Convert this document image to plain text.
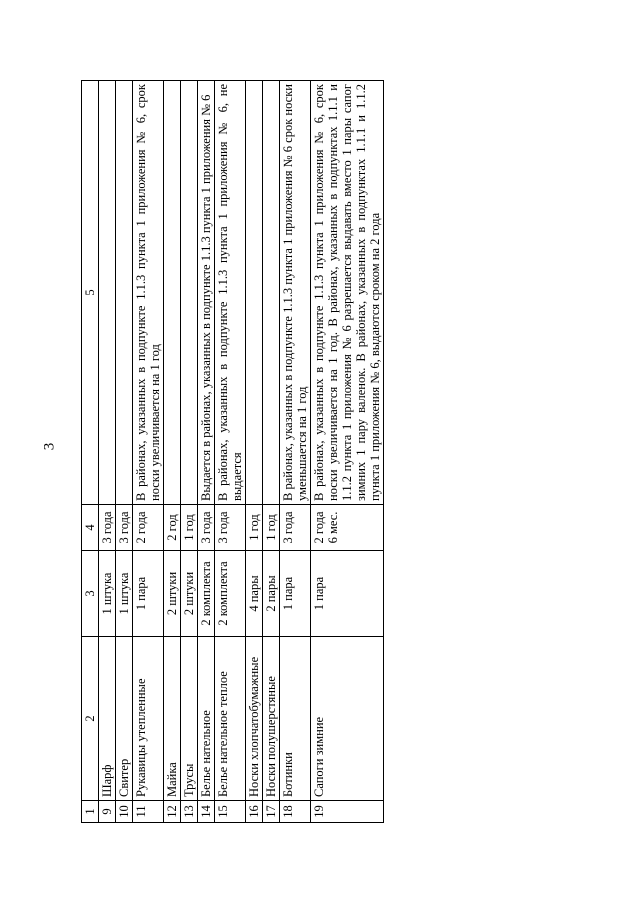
3
1	2	3	4	5
9	Шарф	1 штука	3 года	
10	Свитер	1 штука	3 года	
11	Рукавицы утепленные	1 пара	2 года	В районах, указанных в подпункте 1.1.3 пункта 1 приложения № 6, срок носки увеличивается на 1 год
12	Майка	2 штуки	2 год	
13	Трусы	2 штуки	1 год	
14	Белье нательное	2 комплекта	3 года	Выдается в районах, указанных в подпункте 1.1.3 пункта 1 приложения № 6
15	Белье нательное теплое	2 комплекта	3 года	В районах, указанных в подпункте 1.1.3 пункта 1 приложения № 6, не выдается
16	Носки хлопчатобумажные	4 пары	1 год	
17	Носки полушерстяные	2 пары	1 год	
18	Ботинки	1 пара	3 года	В районах, указанных в подпункте 1.1.3 пункта 1 приложения № 6 срок носки уменьшается на 1 год
19	Сапоги зимние	1 пара	2 года 6 мес.	В районах, указанных в подпункте 1.1.3 пункта 1 приложения № 6, срок носки увеличивается на 1 год. В районах, указанных в подпунктах 1.1.1 и 1.1.2 пункта 1 приложения № 6 разрешается выдавать вместо 1 пары сапог зимних 1 пару валенок. В районах, указанных в подпунктах 1.1.1 и 1.1.2 пункта 1 приложения № 6, выдаются сроком на 2 года
